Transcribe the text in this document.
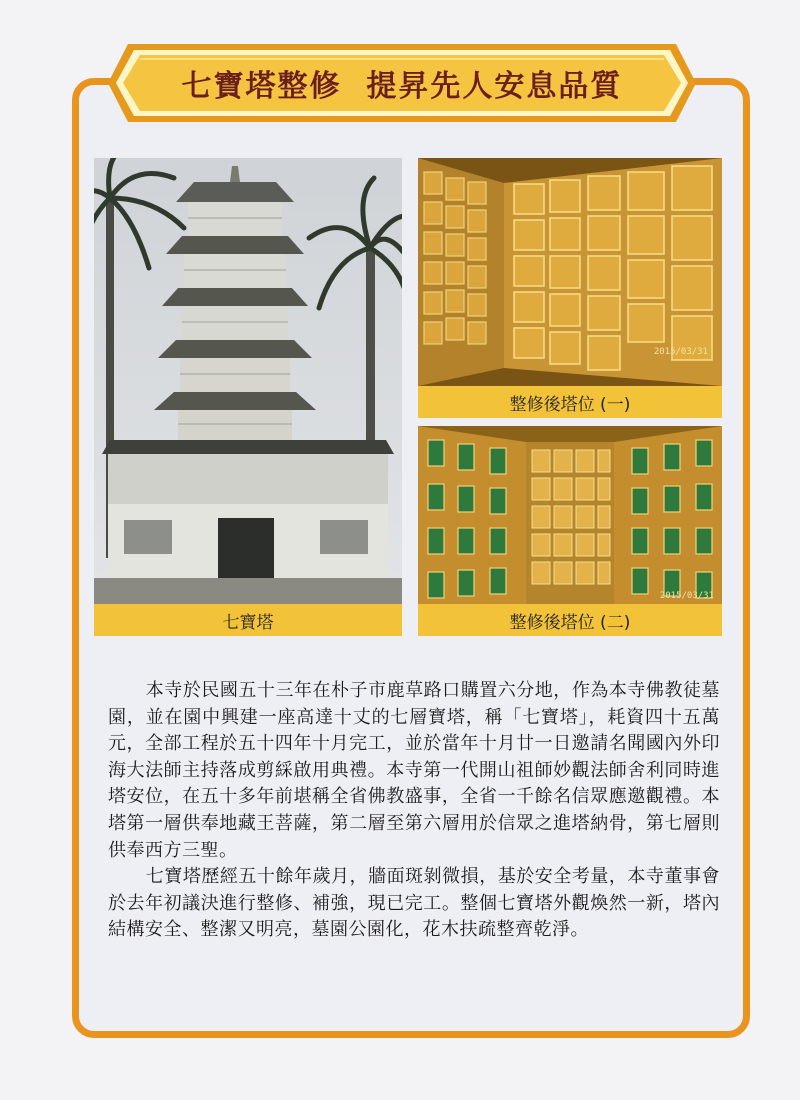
七寶塔整修  提昇先人安息品質
七寶塔
2015/03/31
整修後塔位 (一)
2015/03/31
整修後塔位 (二)

本寺於民國五十三年在朴子市鹿草路口購置六分地，作為本寺佛教徒墓園，並在園中興建一座高達十丈的七層寶塔，稱「七寶塔」，耗資四十五萬元，全部工程於五十四年十月完工，並於當年十月廿一日邀請名聞國內外印海大法師主持落成剪綵啟用典禮。本寺第一代開山祖師妙觀法師舍利同時進塔安位，在五十多年前堪稱全省佛教盛事，全省一千餘名信眾應邀觀禮。本塔第一層供奉地藏王菩薩，第二層至第六層用於信眾之進塔納骨，第七層則供奉西方三聖。

七寶塔歷經五十餘年歲月，牆面斑剝微損，基於安全考量，本寺董事會於去年初議決進行整修、補強，現已完工。整個七寶塔外觀煥然一新，塔內結構安全、整潔又明亮，墓園公園化，花木扶疏整齊乾淨。
